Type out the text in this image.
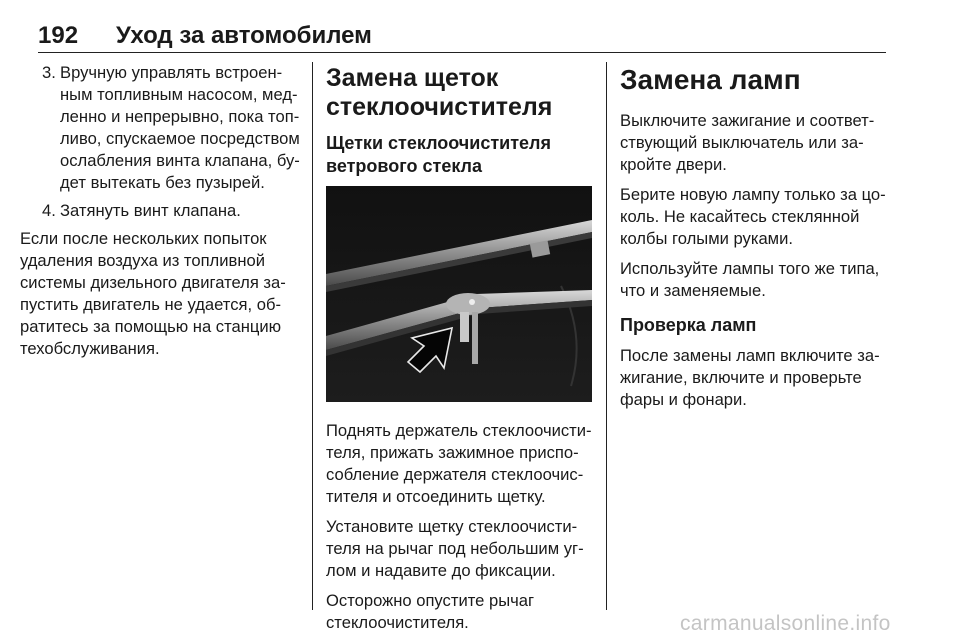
192 Уход за автомобилем
3. Вручную управлять встроенным топливным насосом, медленно и непрерывно, пока топливо, спускаемое посредством ослабления винта клапана, будет вытекать без пузырей.
4. Затянуть винт клапана.

Если после нескольких попыток удаления воздуха из топливной системы дизельного двигателя запустить двигатель не удается, обратитесь за помощью на станцию техобслуживания.

Замена щеток стеклоочистителя
Щетки стеклоочистителя ветрового стекла

Поднять держатель стеклоочистителя, прижать зажимное приспособление держателя стеклоочистителя и отсоединить щетку.

Установите щетку стеклоочистителя на рычаг под небольшим углом и надавите до фиксации.

Осторожно опустите рычаг стеклоочистителя.

Замена ламп

Выключите зажигание и соответствующий выключатель или закройте двери.

Берите новую лампу только за цоколь. Не касайтесь стеклянной колбы голыми руками.

Используйте лампы того же типа, что и заменяемые.

Проверка ламп

После замены ламп включите зажигание, включите и проверьте фары и фонари.

carmanualsonline.info
